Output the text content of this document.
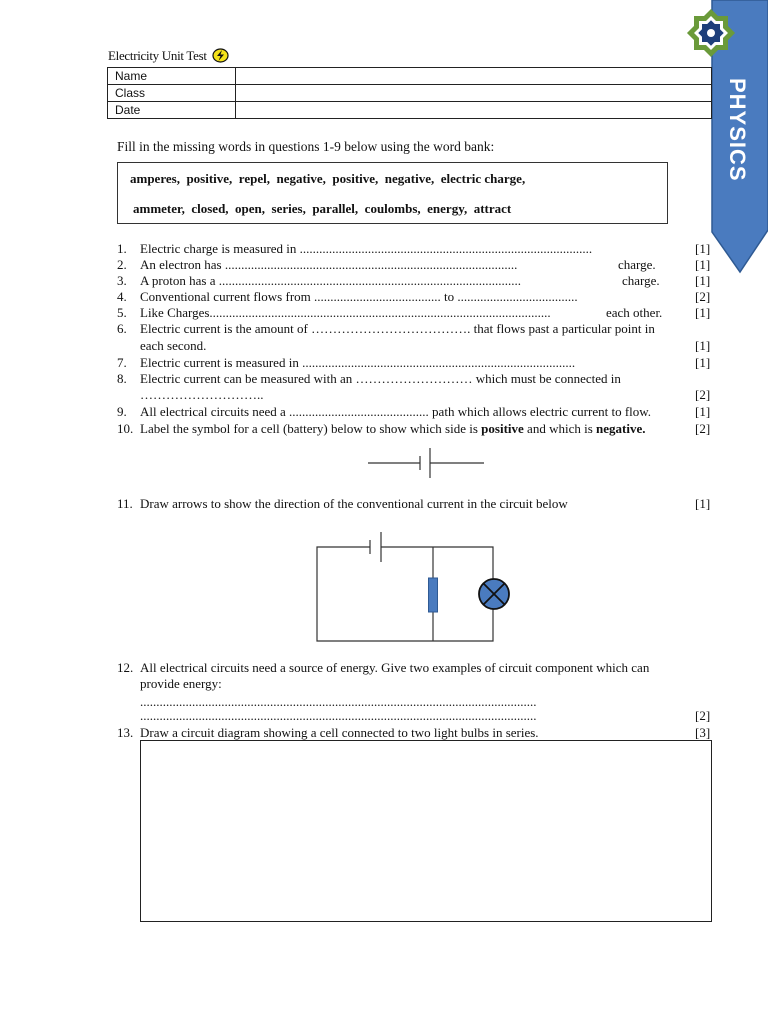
PHYSICS
Electricity Unit Test
Name	
Class	
Date	
Fill in the missing words in questions 1-9 below using the word bank:
amperes,  positive,  repel,  negative,  positive,  negative,  electric charge,
ammeter,  closed,  open,  series,  parallel,  coulombs,  energy,  attract
1.	Electric charge is measured in ..........................................................................................	[1]
2.	An electron has ..........................................................................................	charge.	[1]
3.	A proton has a .............................................................................................	charge.	[1]
4.	Conventional current flows from ....................................... to .....................................	[2]
5.	Like Charges.........................................................................................................	each other.	[1]
6.	Electric current is the amount of ………………………………. that flows past a particular point in
each second.	[1]
7.	Electric current is measured in ....................................................................................	[1]
8.	Electric current can be measured with an ……………………… which must be connected in
………………………..	[2]
9.	All electrical circuits need a ........................................... path which allows electric current to flow.	[1]
10. Label the symbol for a cell (battery) below to show which side is positive and which is negative.	[2]
11. Draw arrows to show the direction of the conventional current in the circuit below	[1]
12. All electrical circuits need a source of energy. Give two examples of circuit component which can
provide energy:
..........................................................................................................................
..........................................................................................................................	[2]
13. Draw a circuit diagram showing a cell connected to two light bulbs in series.	[3]
